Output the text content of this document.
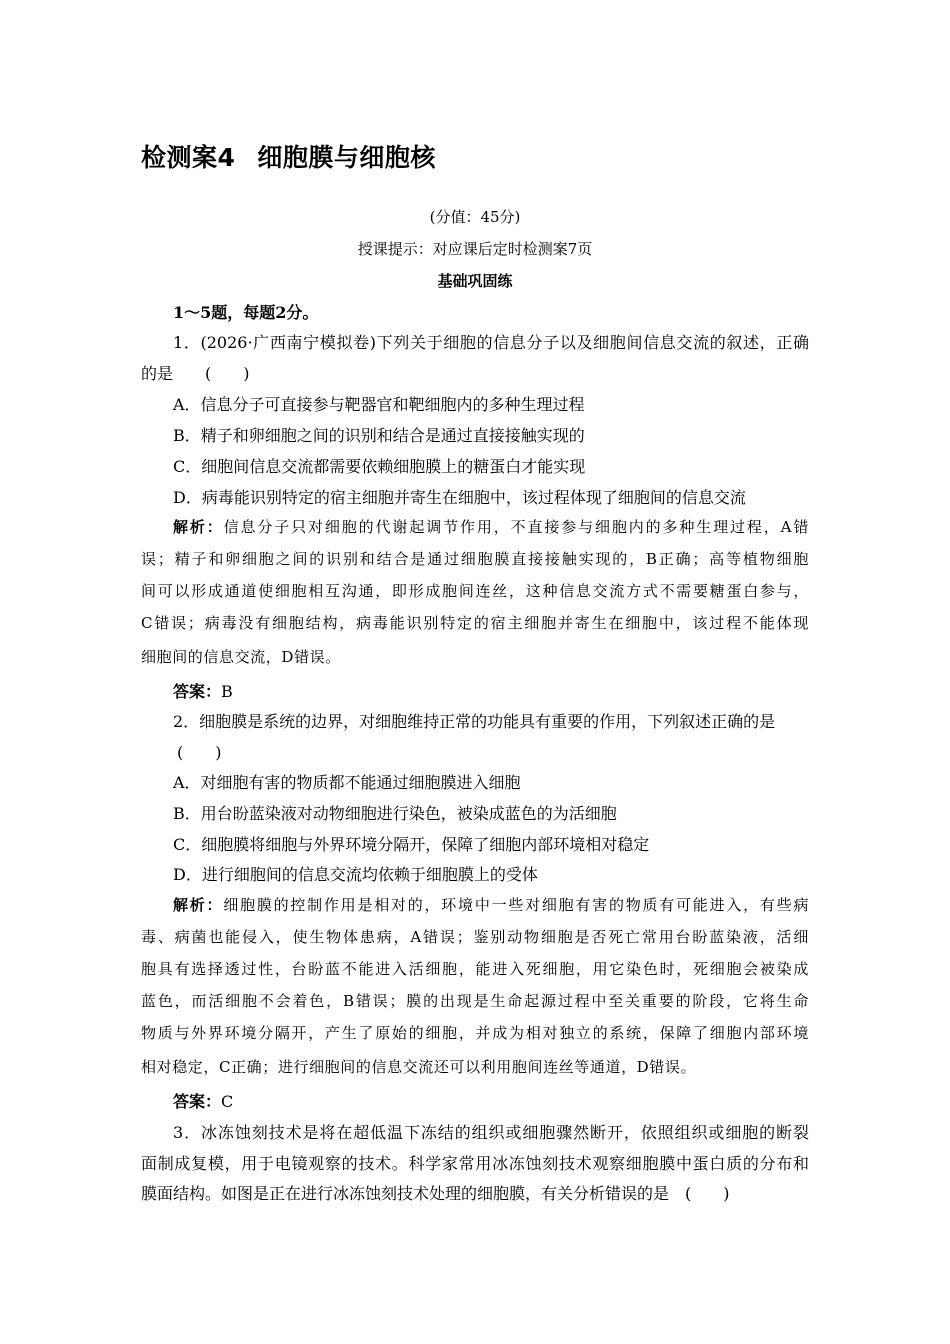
检测案4 细胞膜与细胞核
(分值：45分)
授课提示：对应课后定时检测案7页
基础巩固练
1～5题，每题2分。
1．(2026·广西南宁模拟卷)下列关于细胞的信息分子以及细胞间信息交流的叙述，正确
的是　　(　　)
A．信息分子可直接参与靶器官和靶细胞内的多种生理过程
B．精子和卵细胞之间的识别和结合是通过直接接触实现的
C．细胞间信息交流都需要依赖细胞膜上的糖蛋白才能实现
D．病毒能识别特定的宿主细胞并寄生在细胞中，该过程体现了细胞间的信息交流
解析：信息分子只对细胞的代谢起调节作用，不直接参与细胞内的多种生理过程，A错
误；精子和卵细胞之间的识别和结合是通过细胞膜直接接触实现的，B正确；高等植物细胞
间可以形成通道使细胞相互沟通，即形成胞间连丝，这种信息交流方式不需要糖蛋白参与，
C错误；病毒没有细胞结构，病毒能识别特定的宿主细胞并寄生在细胞中，该过程不能体现
细胞间的信息交流，D错误。
答案：B
2．细胞膜是系统的边界，对细胞维持正常的功能具有重要的作用，下列叙述正确的是
(　　)
A．对细胞有害的物质都不能通过细胞膜进入细胞
B．用台盼蓝染液对动物细胞进行染色，被染成蓝色的为活细胞
C．细胞膜将细胞与外界环境分隔开，保障了细胞内部环境相对稳定
D．进行细胞间的信息交流均依赖于细胞膜上的受体
解析：细胞膜的控制作用是相对的，环境中一些对细胞有害的物质有可能进入，有些病
毒、病菌也能侵入，使生物体患病，A错误；鉴别动物细胞是否死亡常用台盼蓝染液，活细
胞具有选择透过性，台盼蓝不能进入活细胞，能进入死细胞，用它染色时，死细胞会被染成
蓝色，而活细胞不会着色，B错误；膜的出现是生命起源过程中至关重要的阶段，它将生命
物质与外界环境分隔开，产生了原始的细胞，并成为相对独立的系统，保障了细胞内部环境
相对稳定，C正确；进行细胞间的信息交流还可以利用胞间连丝等通道，D错误。
答案：C
3．冰冻蚀刻技术是将在超低温下冻结的组织或细胞骤然断开，依照组织或细胞的断裂
面制成复模，用于电镜观察的技术。科学家常用冰冻蚀刻技术观察细胞膜中蛋白质的分布和
膜面结构。如图是正在进行冰冻蚀刻技术处理的细胞膜，有关分析错误的是　(　　)
